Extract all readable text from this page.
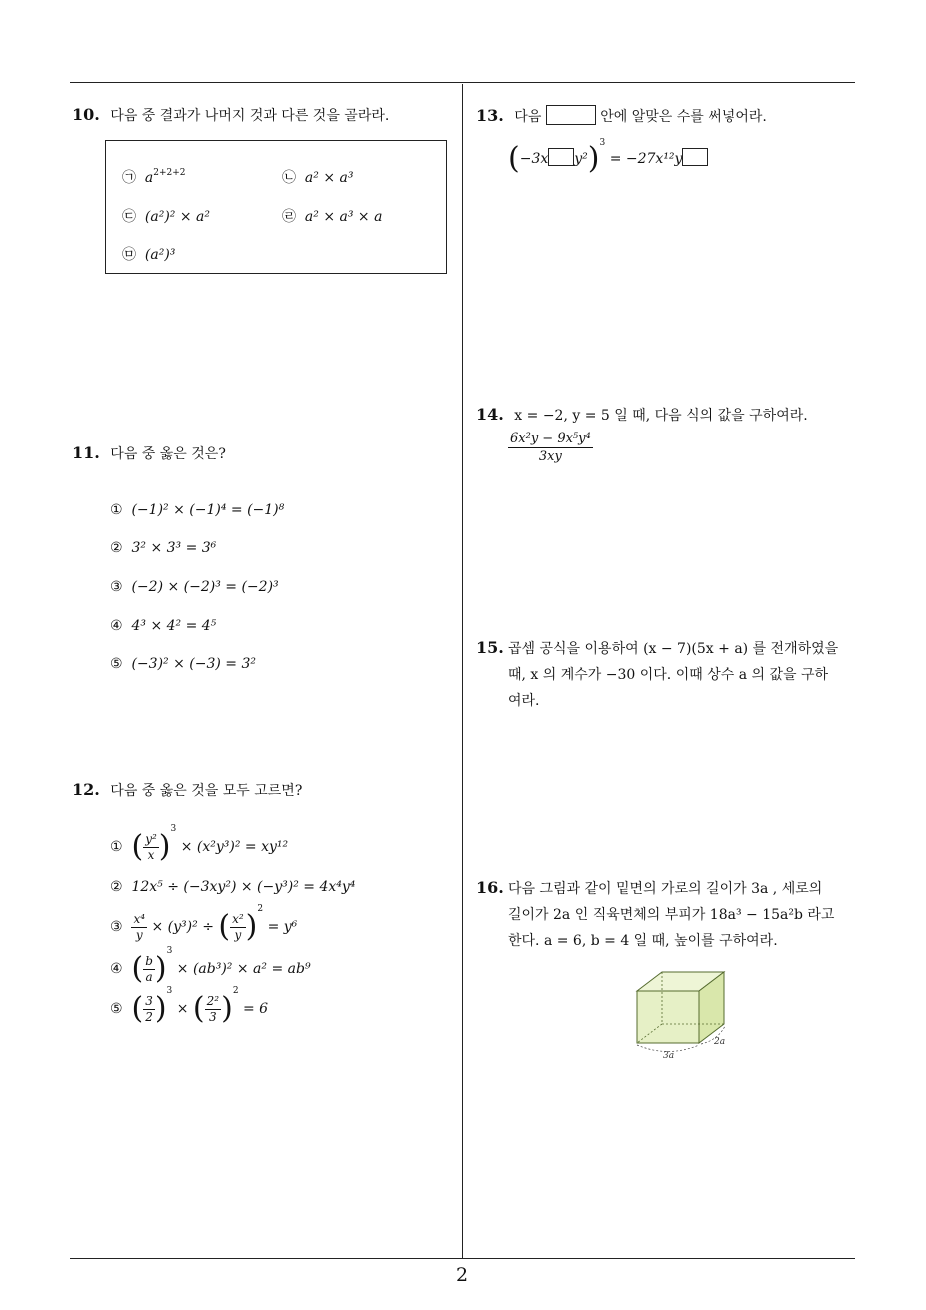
2
10. 다음 중 결과가 나머지 것과 다른 것을 골라라.
㉠ $a^{2+2+2}$	㉡ a² × a³
㉢ (a²)² × a²	㉣ a² × a³ × a
㉤ (a²)³
11. 다음 중 옳은 것은?
① (−1)² × (−1)⁴ = (−1)⁸
② 3² × 3³ = 3⁶
③ (−2) × (−2)³ = (−2)³
④ 4³ × 4² = 4⁵
⑤ (−3)² × (−3) = 3²
12. 다음 중 옳은 것을 모두 고르면?
① ( $\frac{\text{y²}}{x} )^3 \times (x^2y^3)^2 = xy^{12}$
② 12x⁵ ÷ (−3xy²) × (−y³)² = 4x⁴y⁴
③ $\frac{\text{x⁴}}{y} \times (y^3)^2$ ÷ ( $\frac{\text{x²}}{y} )^2 = y^6$
④ ( $\frac{b}{a} )^3 \times (ab^3)^2 \times a^2 = ab^9$
⑤ ( $\frac{3}{2} )^3$ × ( $\frac{\text{2²}}{3} )^2 = 6$
13. 다음	안에 알맞은 수를 써넣어라.
(−3x y²)$^3$ = −27x¹²y
14. x = −2, y = 5 일 때, 다음 식의 값을 구하여라.
$\frac{\text{6x²y − 9x⁵y⁴}}{3xy}$
15. 곱셈 공식을 이용하여 (x − 7)(5x + a) 를 전개하였을
때, x 의 계수가 −30 이다. 이때 상수 a 의 값을 구하
여라.
16. 다음 그림과 같이 밑면의 가로의 길이가 3a , 세로의
길이가 2a 인 직육면체의 부피가 18a³ − 15a²b 라고
한다. a = 6, b = 4 일 때, 높이를 구하여라.
3a
2a
